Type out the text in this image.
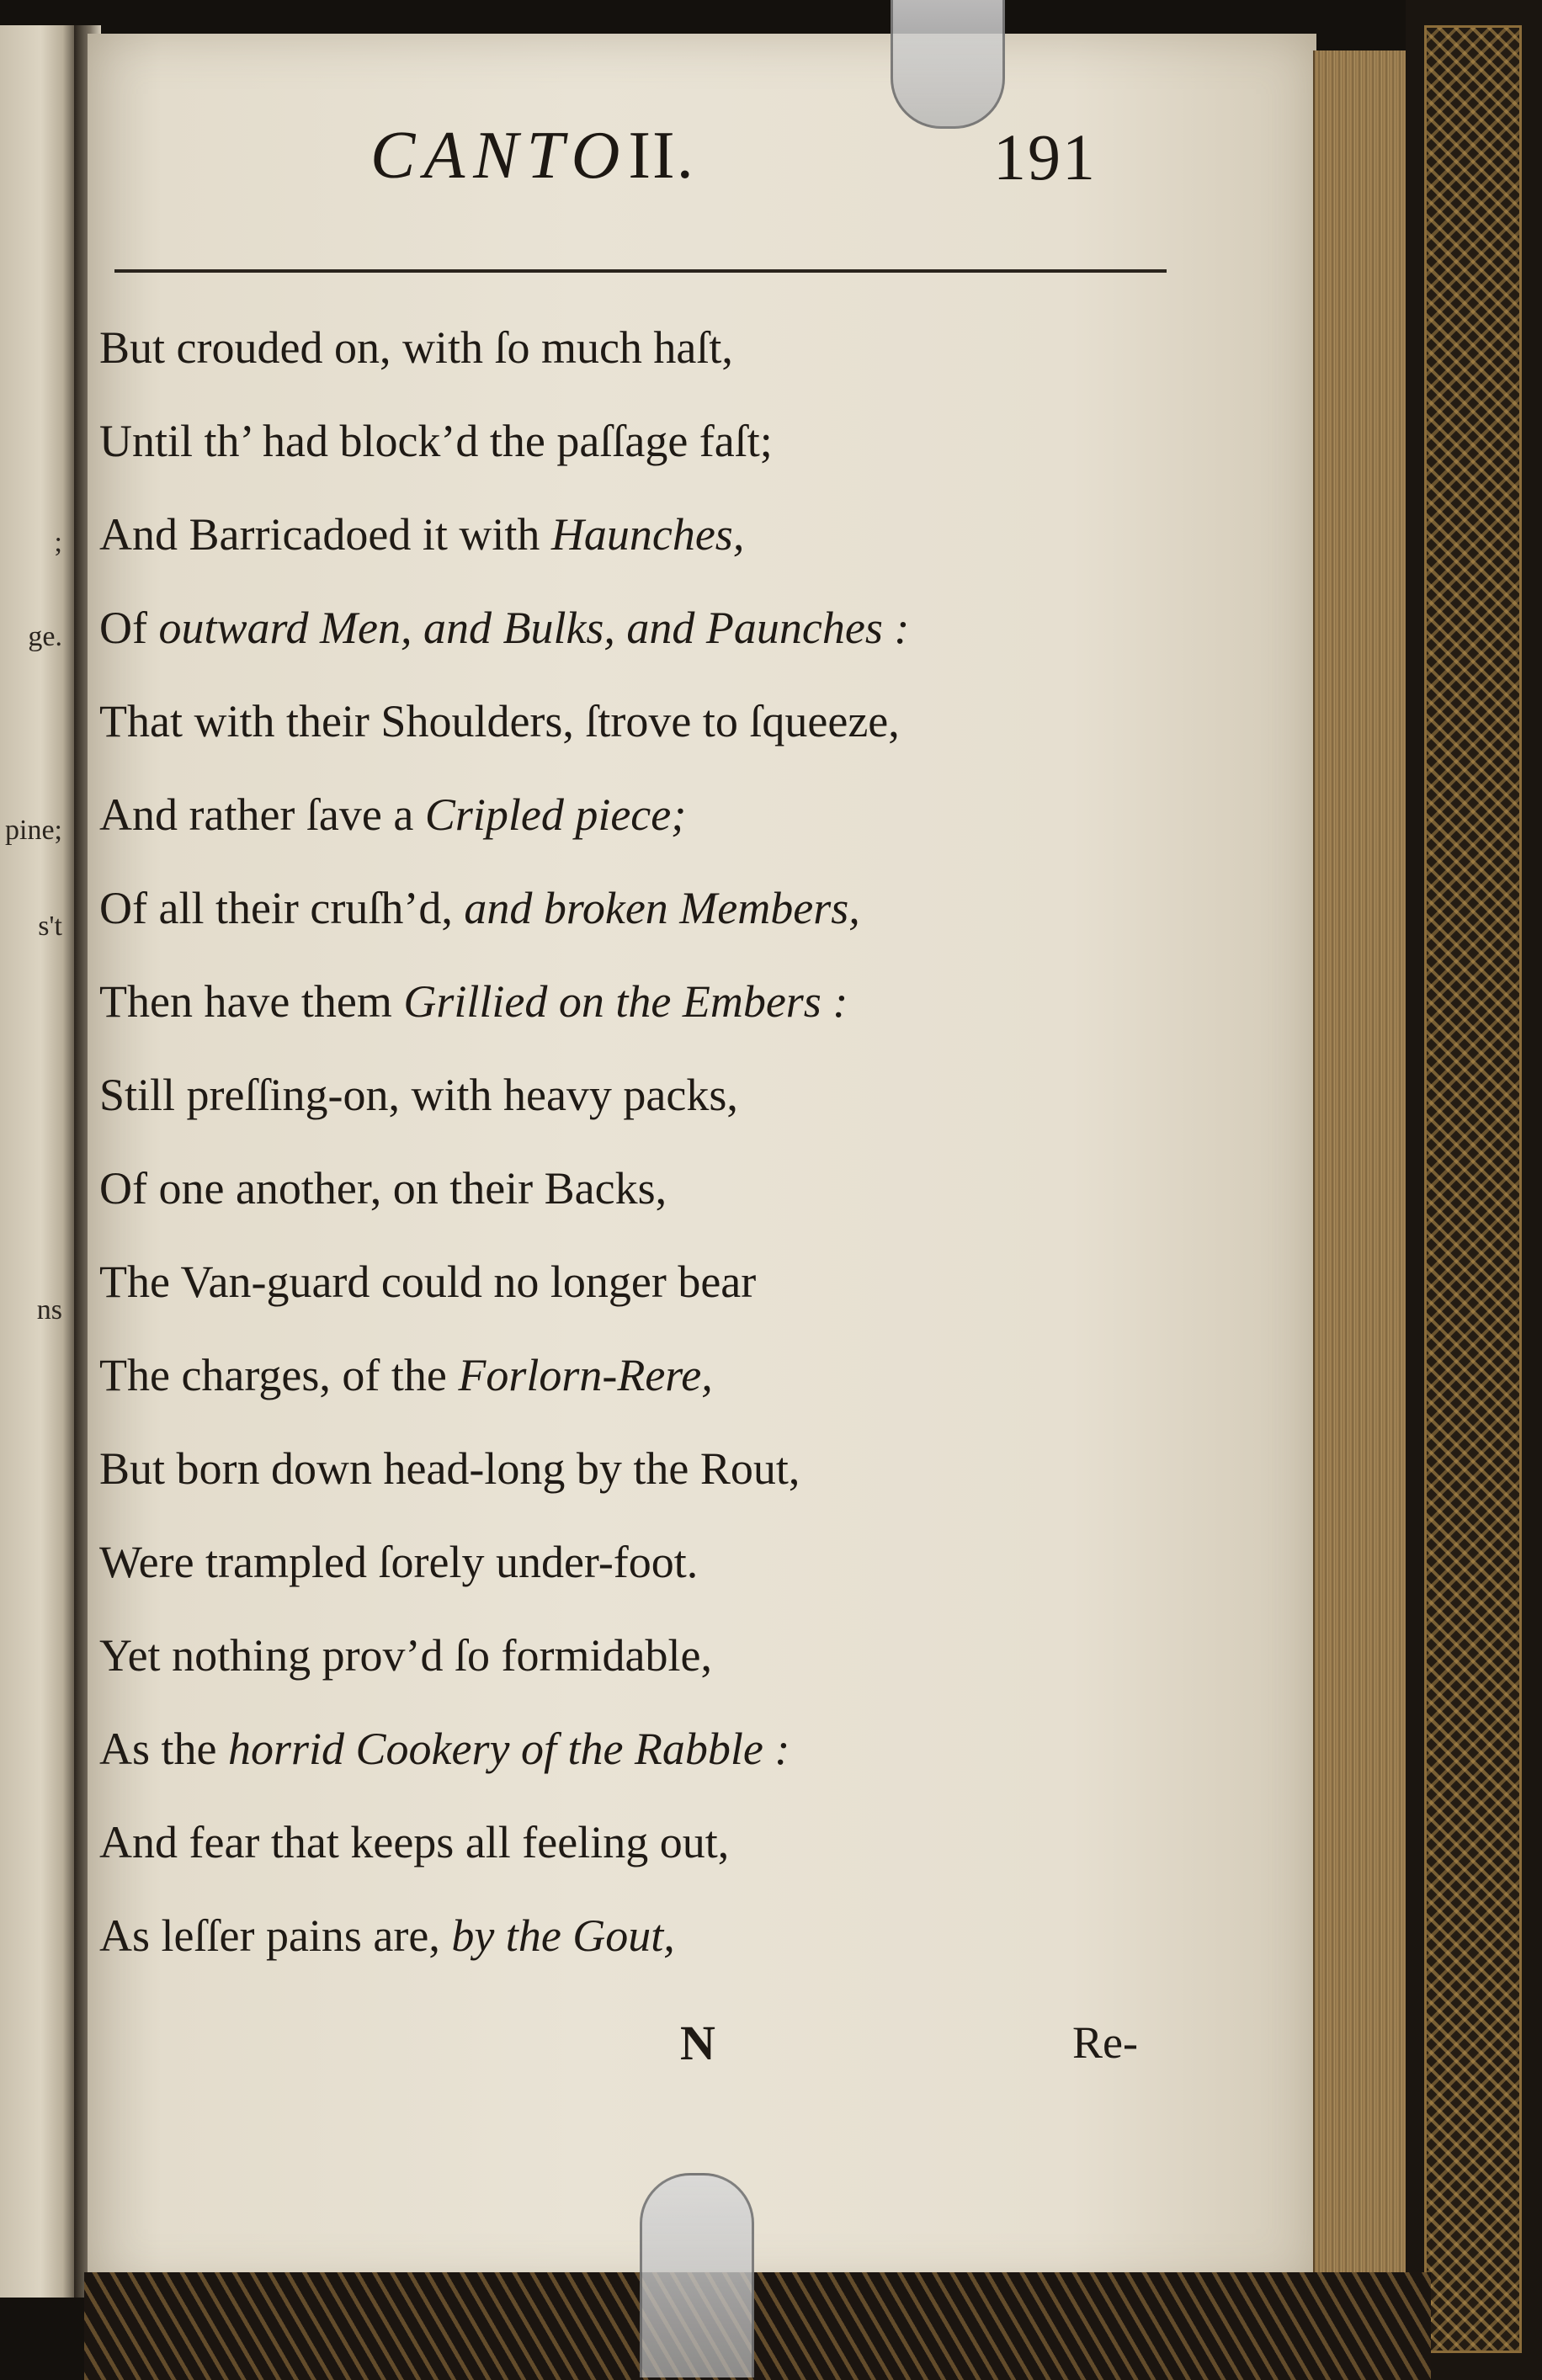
;
ge.
pine;
s't
ns
CANTOII.	191
But crouded on, with ſo much haſt,
Until th’ had block’d the paſſage faſt;
And Barricadoed it with Haunches,
Of outward Men, and Bulks, and Paunches :
That with their Shoulders, ſtrove to ſqueeze,
And rather ſave a Cripled piece;
Of all their cruſh’d, and broken Members,
Then have them Grillied on the Embers :
Still preſſing-on, with heavy packs,
Of one another, on their Backs,
The Van-guard could no longer bear
The charges, of the Forlorn-Rere,
But born down head-long by the Rout,
Were trampled ſorely under-foot.
Yet nothing prov’d ſo formidable,
As the horrid Cookery of the Rabble :
And fear that keeps all feeling out,
As leſſer pains are, by the Gout,
N	Re-
